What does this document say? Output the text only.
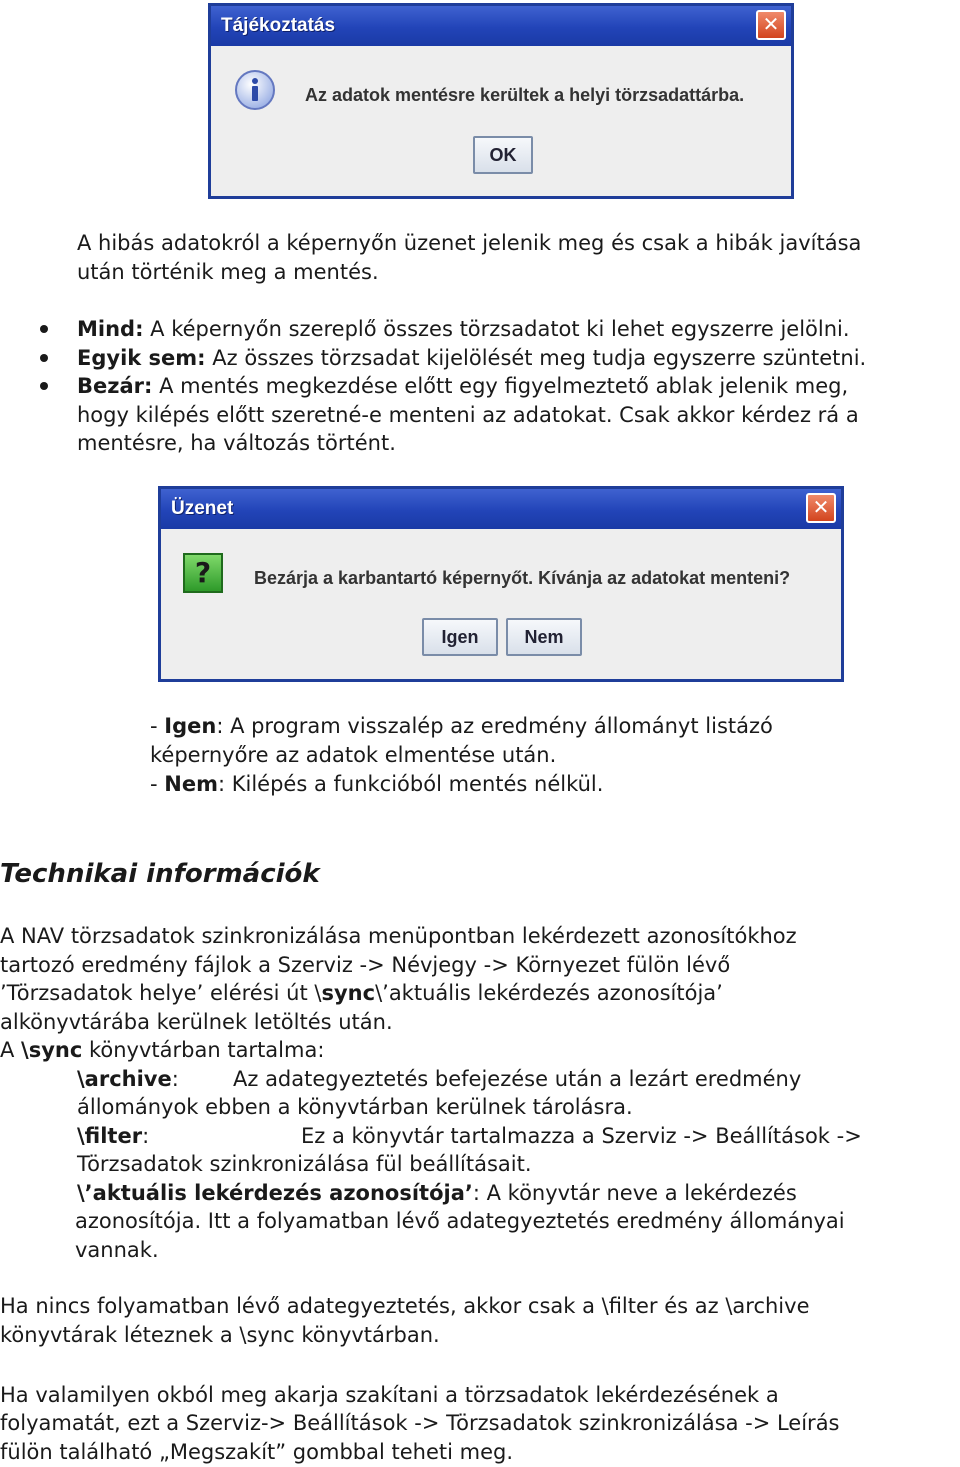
Tájékoztatás	✕
Az adatok mentésre kerültek a helyi törzsadattárba.
OK
A hibás adatokról a képernyőn üzenet jelenik meg és csak a hibák javítása
után történik meg a mentés.
Mind: A képernyőn szereplő összes törzsadatot ki lehet egyszerre jelölni.
Egyik sem: Az összes törzsadat kijelölését meg tudja egyszerre szüntetni.
Bezár: A mentés megkezdése előtt egy figyelmeztető ablak jelenik meg,
hogy kilépés előtt szeretné-e menteni az adatokat. Csak akkor kérdez rá a
mentésre, ha változás történt.
Üzenet	✕
?	Bezárja a karbantartó képernyőt. Kívánja az adatokat menteni?
Igen	Nem
- Igen: A program visszalép az eredmény állományt listázó
képernyőre az adatok elmentése után.
- Nem: Kilépés a funkcióból mentés nélkül.
Technikai információk
A NAV törzsadatok szinkronizálása menüpontban lekérdezett azonosítókhoz
tartozó eredmény fájlok a Szerviz -> Névjegy -> Környezet fülön lévő
’Törzsadatok helye’ elérési út \sync\’aktuális lekérdezés azonosítója’
alkönyvtárába kerülnek letöltés után.
A \sync könyvtárban tartalma:
\archive:	Az adategyeztetés befejezése után a lezárt eredmény
állományok ebben a könyvtárban kerülnek tárolásra.
\filter:	Ez a könyvtár tartalmazza a Szerviz -> Beállítások ->
Törzsadatok szinkronizálása fül beállításait.
\’aktuális lekérdezés azonosítója’: A könyvtár neve a lekérdezés
azonosítója. Itt a folyamatban lévő adategyeztetés eredmény állományai
vannak.
Ha nincs folyamatban lévő adategyeztetés, akkor csak a \filter és az \archive
könyvtárak léteznek a \sync könyvtárban.
Ha valamilyen okból meg akarja szakítani a törzsadatok lekérdezésének a
folyamatát, ezt a Szerviz-> Beállítások -> Törzsadatok szinkronizálása -> Leírás
fülön található „Megszakít” gombbal teheti meg.
